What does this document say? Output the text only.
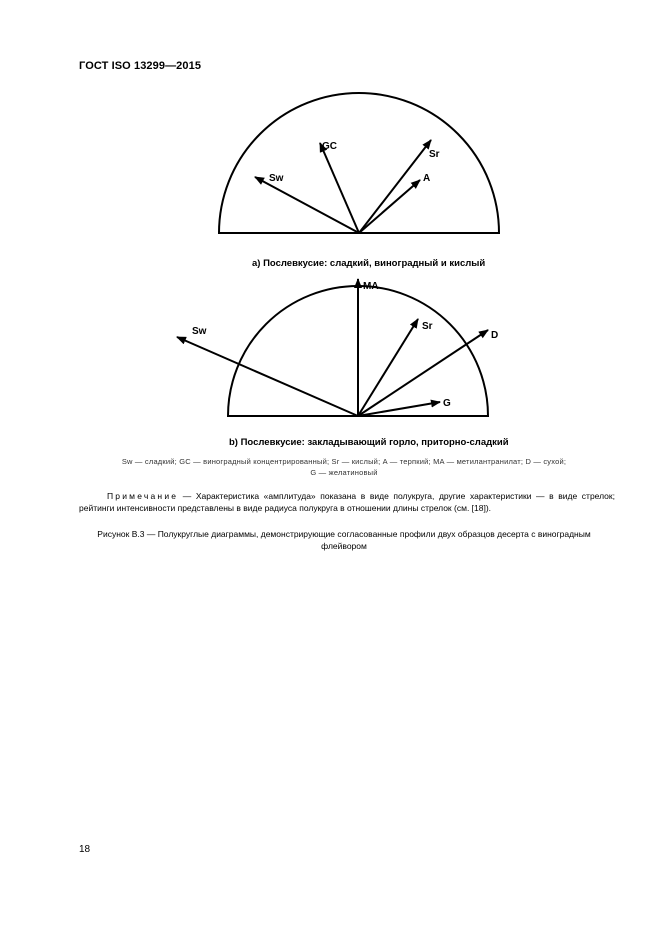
ГОСТ ISO 13299—2015
GC
Sw
Sr
A
MA
Sw	Sr
D
G
a) Послевкусие: сладкий, виноградный и кислый
b) Послевкусие: закладывающий горло, приторно-сладкий
Sw — сладкий; GC — виноградный концентрированный; Sr — кислый; A — терпкий; MA — метилантранилат; D — сухой;
G — желатиновый
Примечание — Характеристика «амплитуда» показана в виде полукруга, другие характеристики — в виде стрелок; рейтинги интенсивности представлены в виде радиуса полукруга в отношении длины стрелок (см. [18]).
Рисунок В.3 — Полукруглые диаграммы, демонстрирующие согласованные профили двух образцов десерта с виноградным флейвором
18
